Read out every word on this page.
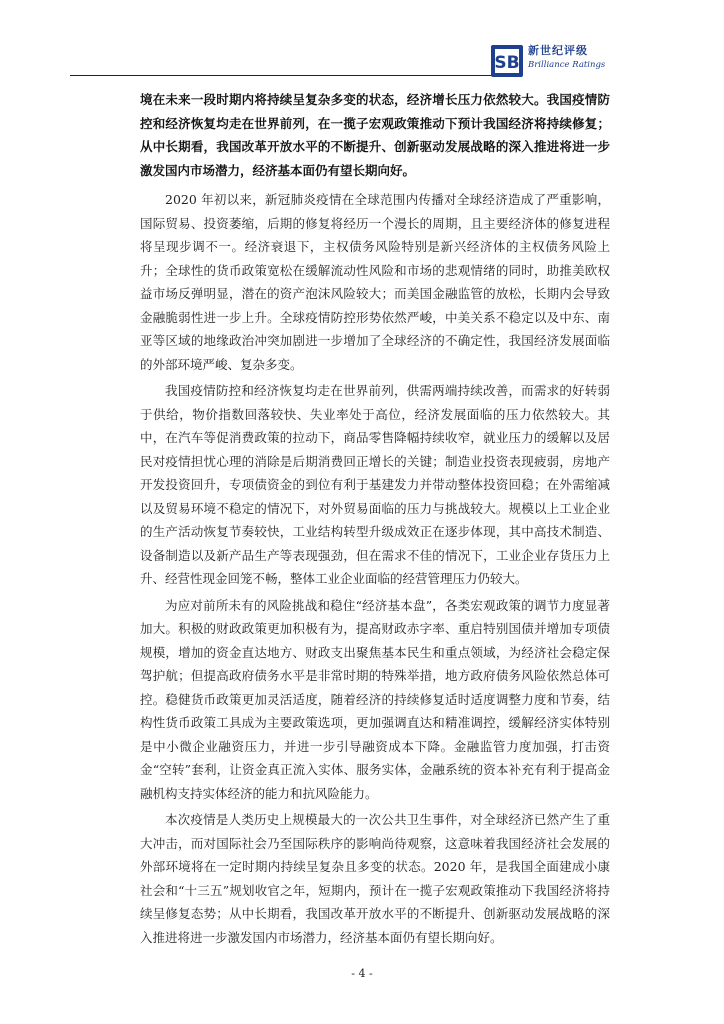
SB
新世纪评级
Brilliance Ratings

境在未来一段时期内将持续呈复杂多变的状态，经济增长压力依然较大。我国疫情防控和经济恢复均走在世界前列，在一揽子宏观政策推动下预计我国经济将持续修复；从中长期看，我国改革开放水平的不断提升、创新驱动发展战略的深入推进将进一步激发国内市场潜力，经济基本面仍有望长期向好。

2020 年初以来，新冠肺炎疫情在全球范围内传播对全球经济造成了严重影响，国际贸易、投资萎缩，后期的修复将经历一个漫长的周期，且主要经济体的修复进程将呈现步调不一。经济衰退下，主权债务风险特别是新兴经济体的主权债务风险上升；全球性的货币政策宽松在缓解流动性风险和市场的悲观情绪的同时，助推美欧权益市场反弹明显，潜在的资产泡沫风险较大；而美国金融监管的放松，长期内会导致金融脆弱性进一步上升。全球疫情防控形势依然严峻，中美关系不稳定以及中东、南亚等区域的地缘政治冲突加剧进一步增加了全球经济的不确定性，我国经济发展面临的外部环境严峻、复杂多变。

我国疫情防控和经济恢复均走在世界前列，供需两端持续改善，而需求的好转弱于供给，物价指数回落较快、失业率处于高位，经济发展面临的压力依然较大。其中，在汽车等促消费政策的拉动下，商品零售降幅持续收窄，就业压力的缓解以及居民对疫情担忧心理的消除是后期消费回正增长的关键；制造业投资表现疲弱，房地产开发投资回升，专项债资金的到位有利于基建发力并带动整体投资回稳；在外需缩减以及贸易环境不稳定的情况下，对外贸易面临的压力与挑战较大。规模以上工业企业的生产活动恢复节奏较快，工业结构转型升级成效正在逐步体现，其中高技术制造、设备制造以及新产品生产等表现强劲，但在需求不佳的情况下，工业企业存货压力上升、经营性现金回笼不畅，整体工业企业面临的经营管理压力仍较大。

为应对前所未有的风险挑战和稳住“经济基本盘”，各类宏观政策的调节力度显著加大。积极的财政政策更加积极有为，提高财政赤字率、重启特别国债并增加专项债规模，增加的资金直达地方、财政支出聚焦基本民生和重点领域，为经济社会稳定保驾护航；但提高政府债务水平是非常时期的特殊举措，地方政府债务风险依然总体可控。稳健货币政策更加灵活适度，随着经济的持续修复适时适度调整力度和节奏，结构性货币政策工具成为主要政策选项，更加强调直达和精准调控，缓解经济实体特别是中小微企业融资压力，并进一步引导融资成本下降。金融监管力度加强，打击资金“空转”套利，让资金真正流入实体、服务实体，金融系统的资本补充有利于提高金融机构支持实体经济的能力和抗风险能力。

本次疫情是人类历史上规模最大的一次公共卫生事件，对全球经济已然产生了重大冲击，而对国际社会乃至国际秩序的影响尚待观察，这意味着我国经济社会发展的外部环境将在一定时期内持续呈复杂且多变的状态。2020 年，是我国全面建成小康社会和“十三五”规划收官之年，短期内，预计在一揽子宏观政策推动下我国经济将持续呈修复态势；从中长期看，我国改革开放水平的不断提升、创新驱动发展战略的深入推进将进一步激发国内市场潜力，经济基本面仍有望长期向好。

- 4 -
